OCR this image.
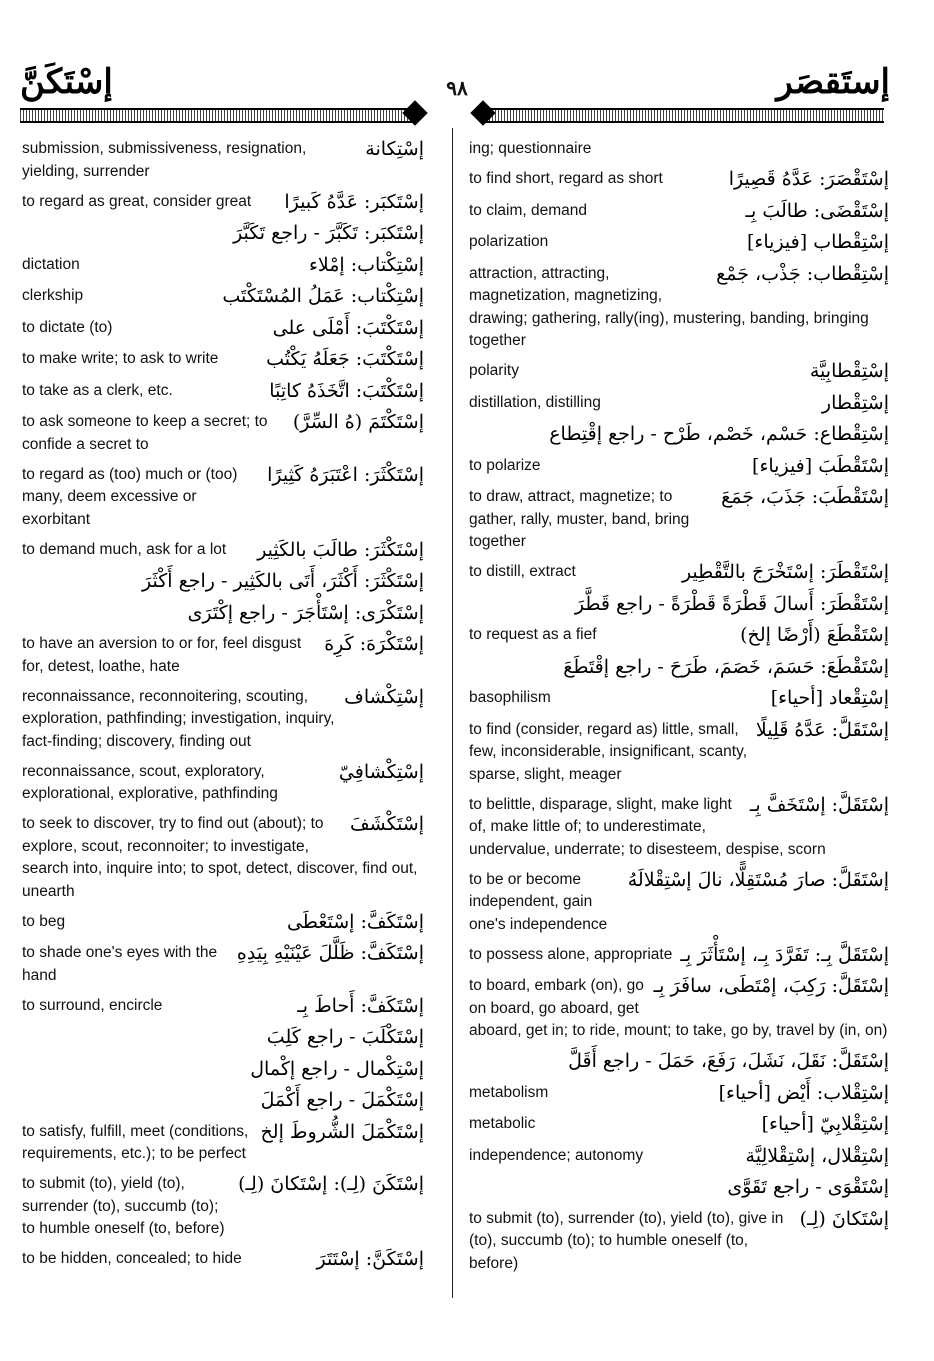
إسْتَكَنَّ	٩٨	إستَقصَر
إسْتِكانة
submission, submissiveness, resignation, yielding, surrender
إسْتَكبَر: عَدَّهُ كَبيرًا
to regard as great, consider great
إسْتَكبَر: تَكَبَّرَ - راجع تَكَبَّرَ
إسْتِكْتاب: إمْلاء
dictation
إسْتِكْتاب: عَمَلُ المُسْتَكْتَب
clerkship
إسْتَكْتَبَ: أَمْلَى على
to dictate (to)
إسْتَكْتَبَ: جَعَلَهُ يَكْتُب
to make write; to ask to write
إسْتَكْتَبَ: اتَّخَذَهُ كاتِبًا
to take as a clerk, etc.
إسْتَكْتَمَ (هُ السِّرَّ)
to ask someone to keep a secret; to confide a secret to
إسْتَكْثَرَ: اعْتَبَرَهُ كَثِيرًا
to regard as (too) much or (too) many, deem excessive or exorbitant
إسْتَكْثَرَ: طالَبَ بالكَثِير
to demand much, ask for a lot
إسْتَكْثَرَ: أَكْثَرَ، أَتَى بالكَثِير - راجع أَكْثَرَ
إسْتَكْرَى: إسْتَأْجَرَ - راجع إكْتَرَى
إسْتَكْرَهَ: كَرِهَ
to have an aversion to or for, feel disgust for, detest, loathe, hate
إسْتِكْشاف
reconnaissance, reconnoitering, scouting, exploration, pathfinding; investigation, inquiry, fact-finding; discovery, finding out
إسْتِكْشافِيّ
reconnaissance, scout, exploratory, explorational, explorative, pathfinding
إسْتَكْشَفَ
to seek to discover, try to find out (about); to explore, scout, reconnoiter; to investigate, search into, inquire into; to spot, detect, discover, find out, unearth
إسْتَكَفَّ: إسْتَعْطَى
to beg
إسْتَكَفَّ: ظَلَّلَ عَيْنَيْهِ بِيَدِهِ
to shade one's eyes with the hand
إسْتَكَفَّ: أَحاطَ بِـ
to surround, encircle
إسْتَكْلَبَ - راجع كَلِبَ
إسْتِكْمال - راجع إكْمال
إسْتَكْمَلَ - راجع أَكْمَلَ
إسْتَكْمَلَ الشُّروطَ إلخ
to satisfy, fulfill, meet (conditions, requirements, etc.); to be perfect
إسْتَكَنَ (لِـ): إسْتَكانَ (لِـ)
to submit (to), yield (to), surrender (to), succumb (to); to humble oneself (to, before)
إسْتَكَنَّ: إسْتَتَرَ
to be hidden, concealed; to hide
ing; questionnaire
إسْتَقْصَرَ: عَدَّهُ قَصِيرًا
to find short, regard as short
إسْتَقْضَى: طالَبَ بِـ
to claim, demand
إسْتِقْطاب [فيزياء]
polarization
إسْتِقْطاب: جَذْب، جَمْع
attraction, attracting, magnetization, magnetizing, drawing; gathering, rally(ing), mustering, banding, bringing together
إسْتِقْطابِيَّة
polarity
إسْتِقْطار
distillation, distilling
إسْتِقْطاع: حَسْم، خَصْم، طَرْح - راجع إقْتِطاع
إسْتَقْطَبَ [فيزياء]
to polarize
إسْتَقْطَبَ: جَذَبَ، جَمَعَ
to draw, attract, magnetize; to gather, rally, muster, band, bring together
إسْتَقْطَرَ: إسْتَخْرَجَ بالتَّقْطِير
to distill, extract
إسْتَقْطَرَ: أَسالَ قَطْرَةً قَطْرَةً - راجع قَطَّرَ
إسْتَقْطَعَ (أَرْضًا إلخ)
to request as a fief
إسْتَقْطَعَ: حَسَمَ، خَصَمَ، طَرَحَ - راجع إقْتَطَعَ
إسْتِقْعاد [أحياء]
basophilism
إسْتَقَلَّ: عَدَّهُ قَلِيلًا
to find (consider, regard as) little, small, few, inconsiderable, insignificant, scanty, sparse, slight, meager
إسْتَقَلَّ: إسْتَخَفَّ بِـ
to belittle, disparage, slight, make light of, make little of; to underestimate, undervalue, underrate; to disesteem, despise, scorn
إسْتَقَلَّ: صارَ مُسْتَقِلًّا، نالَ إسْتِقْلالَهُ
to be or become independent, gain one's independence
إسْتَقَلَّ بِـ: تَفَرَّدَ بِـ، إسْتَأْثَرَ بِـ
to possess alone, appropriate
إسْتَقَلَّ: رَكِبَ، إمْتَطَى، سافَرَ بِـ
to board, embark (on), go on board, go aboard, get aboard, get in; to ride, mount; to take, go by, travel by (in, on)
إسْتَقَلَّ: نَقَلَ، نَشَلَ، رَفَعَ، حَمَلَ - راجع أَقَلَّ
إسْتِقْلاب: أَيْض [أحياء]
metabolism
إسْتِقْلابِيّ [أحياء]
metabolic
إسْتِقْلال، إسْتِقْلالِيَّة
independence; autonomy
إسْتَقْوَى - راجع تَقَوَّى
إسْتَكانَ (لِـ)
to submit (to), surrender (to), yield (to), give in (to), succumb (to); to humble oneself (to, before)
